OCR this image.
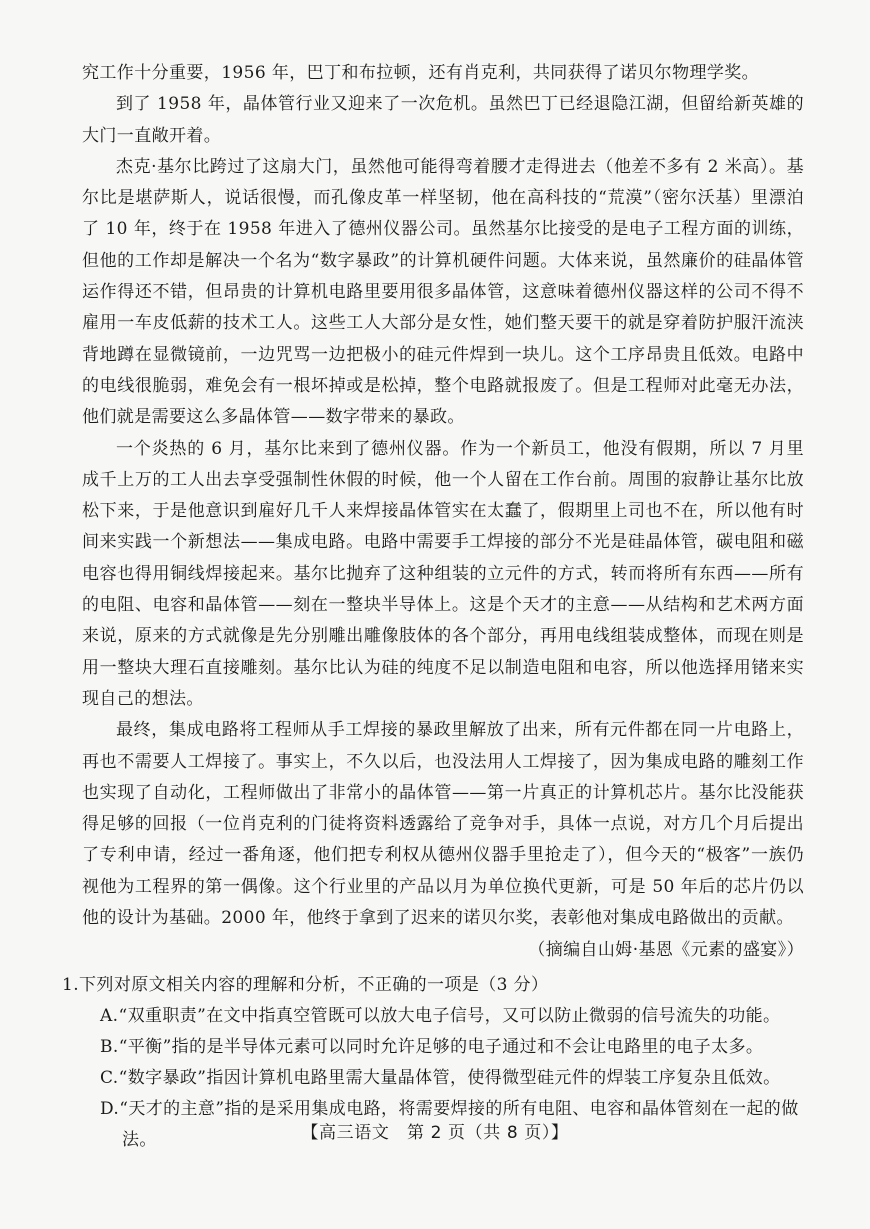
究工作十分重要，1956 年，巴丁和布拉顿，还有肖克利，共同获得了诺贝尔物理学奖。

到了 1958 年，晶体管行业又迎来了一次危机。虽然巴丁已经退隐江湖，但留给新英雄的大门一直敞开着。

杰克·基尔比跨过了这扇大门，虽然他可能得弯着腰才走得进去（他差不多有 2 米高）。基尔比是堪萨斯人，说话很慢，而孔像皮革一样坚韧，他在高科技的“荒漠”（密尔沃基）里漂泊了 10 年，终于在 1958 年进入了德州仪器公司。虽然基尔比接受的是电子工程方面的训练，但他的工作却是解决一个名为“数字暴政”的计算机硬件问题。大体来说，虽然廉价的硅晶体管运作得还不错，但昂贵的计算机电路里要用很多晶体管，这意味着德州仪器这样的公司不得不雇用一车皮低薪的技术工人。这些工人大部分是女性，她们整天要干的就是穿着防护服汗流浃背地蹲在显微镜前，一边咒骂一边把极小的硅元件焊到一块儿。这个工序昂贵且低效。电路中的电线很脆弱，难免会有一根坏掉或是松掉，整个电路就报废了。但是工程师对此毫无办法，他们就是需要这么多晶体管——数字带来的暴政。

一个炎热的 6 月，基尔比来到了德州仪器。作为一个新员工，他没有假期，所以 7 月里成千上万的工人出去享受强制性休假的时候，他一个人留在工作台前。周围的寂静让基尔比放松下来，于是他意识到雇好几千人来焊接晶体管实在太蠢了，假期里上司也不在，所以他有时间来实践一个新想法——集成电路。电路中需要手工焊接的部分不光是硅晶体管，碳电阻和磁电容也得用铜线焊接起来。基尔比抛弃了这种组装的立元件的方式，转而将所有东西——所有的电阻、电容和晶体管——刻在一整块半导体上。这是个天才的主意——从结构和艺术两方面来说，原来的方式就像是先分别雕出雕像肢体的各个部分，再用电线组装成整体，而现在则是用一整块大理石直接雕刻。基尔比认为硅的纯度不足以制造电阻和电容，所以他选择用锗来实现自己的想法。

最终，集成电路将工程师从手工焊接的暴政里解放了出来，所有元件都在同一片电路上，再也不需要人工焊接了。事实上，不久以后，也没法用人工焊接了，因为集成电路的雕刻工作也实现了自动化，工程师做出了非常小的晶体管——第一片真正的计算机芯片。基尔比没能获得足够的回报（一位肖克利的门徒将资料透露给了竞争对手，具体一点说，对方几个月后提出了专利申请，经过一番角逐，他们把专利权从德州仪器手里抢走了），但今天的“极客”一族仍视他为工程界的第一偶像。这个行业里的产品以月为单位换代更新，可是 50 年后的芯片仍以他的设计为基础。2000 年，他终于拿到了迟来的诺贝尔奖，表彰他对集成电路做出的贡献。

（摘编自山姆·基恩《元素的盛宴》）

1.下列对原文相关内容的理解和分析，不正确的一项是（3 分）

A.“双重职责”在文中指真空管既可以放大电子信号，又可以防止微弱的信号流失的功能。
B.“平衡”指的是半导体元素可以同时允许足够的电子通过和不会让电路里的电子太多。
C.“数字暴政”指因计算机电路里需大量晶体管，使得微型硅元件的焊装工序复杂且低效。
D.“天才的主意”指的是采用集成电路，将需要焊接的所有电阻、电容和晶体管刻在一起的做法。	【高三语文　第 2 页（共 8 页）】
